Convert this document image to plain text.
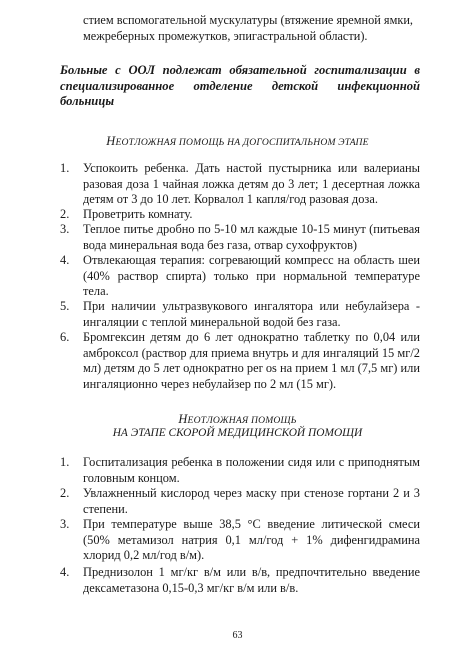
стием вспомогательной мускулатуры (втяжение яремной ямки, межреберных промежутков, эпигастральной области).

Больные с ООЛ подлежат обязательной госпитализации в специализированное отделение детской инфекционной больницы

НЕОТЛОЖНАЯ ПОМОЩЬ НА ДОГОСПИТАЛЬНОМ ЭТАПЕ

1.	Успокоить ребенка. Дать настой пустырника или валерианы разовая доза 1 чайная ложка детям до 3 лет; 1 десертная ложка детям от 3 до 10 лет. Корвалол 1 капля/год разовая доза.
2.	Проветрить комнату.
3.	Теплое питье дробно по 5-10 мл каждые 10-15 минут (питьевая вода минеральная вода без газа, отвар сухофруктов)
4.	Отвлекающая терапия: согревающий компресс на область шеи (40% раствор спирта) только при нормальной температуре тела.
5.	При наличии ультразвукового ингалятора или небулайзера - ингаляции с теплой минеральной водой без газа.
6.	Бромгексин детям до 6 лет однократно таблетку по 0,04 или амброксол (раствор для приема внутрь и для ингаляций 15 мг/2 мл) детям до 5 лет однократно per os на прием 1 мл (7,5 мг) или ингаляционно через небулайзер по 2 мл (15 мг).

НЕОТЛОЖНАЯ ПОМОЩЬ

НА ЭТАПЕ СКОРОЙ МЕДИЦИНСКОЙ ПОМОЩИ

1.	Госпитализация ребенка в положении сидя или с приподнятым головным концом.
2.	Увлажненный кислород через маску при стенозе гортани 2 и 3 степени.
3.	При температуре выше 38,5 °С введение литической смеси (50% метамизол натрия 0,1 мл/год + 1% дифенгидрамина хлорид 0,2 мл/год в/м).
4.	Преднизолон 1 мг/кг в/м или в/в, предпочтительно введение дексаметазона 0,15-0,3 мг/кг в/м или в/в.

63
